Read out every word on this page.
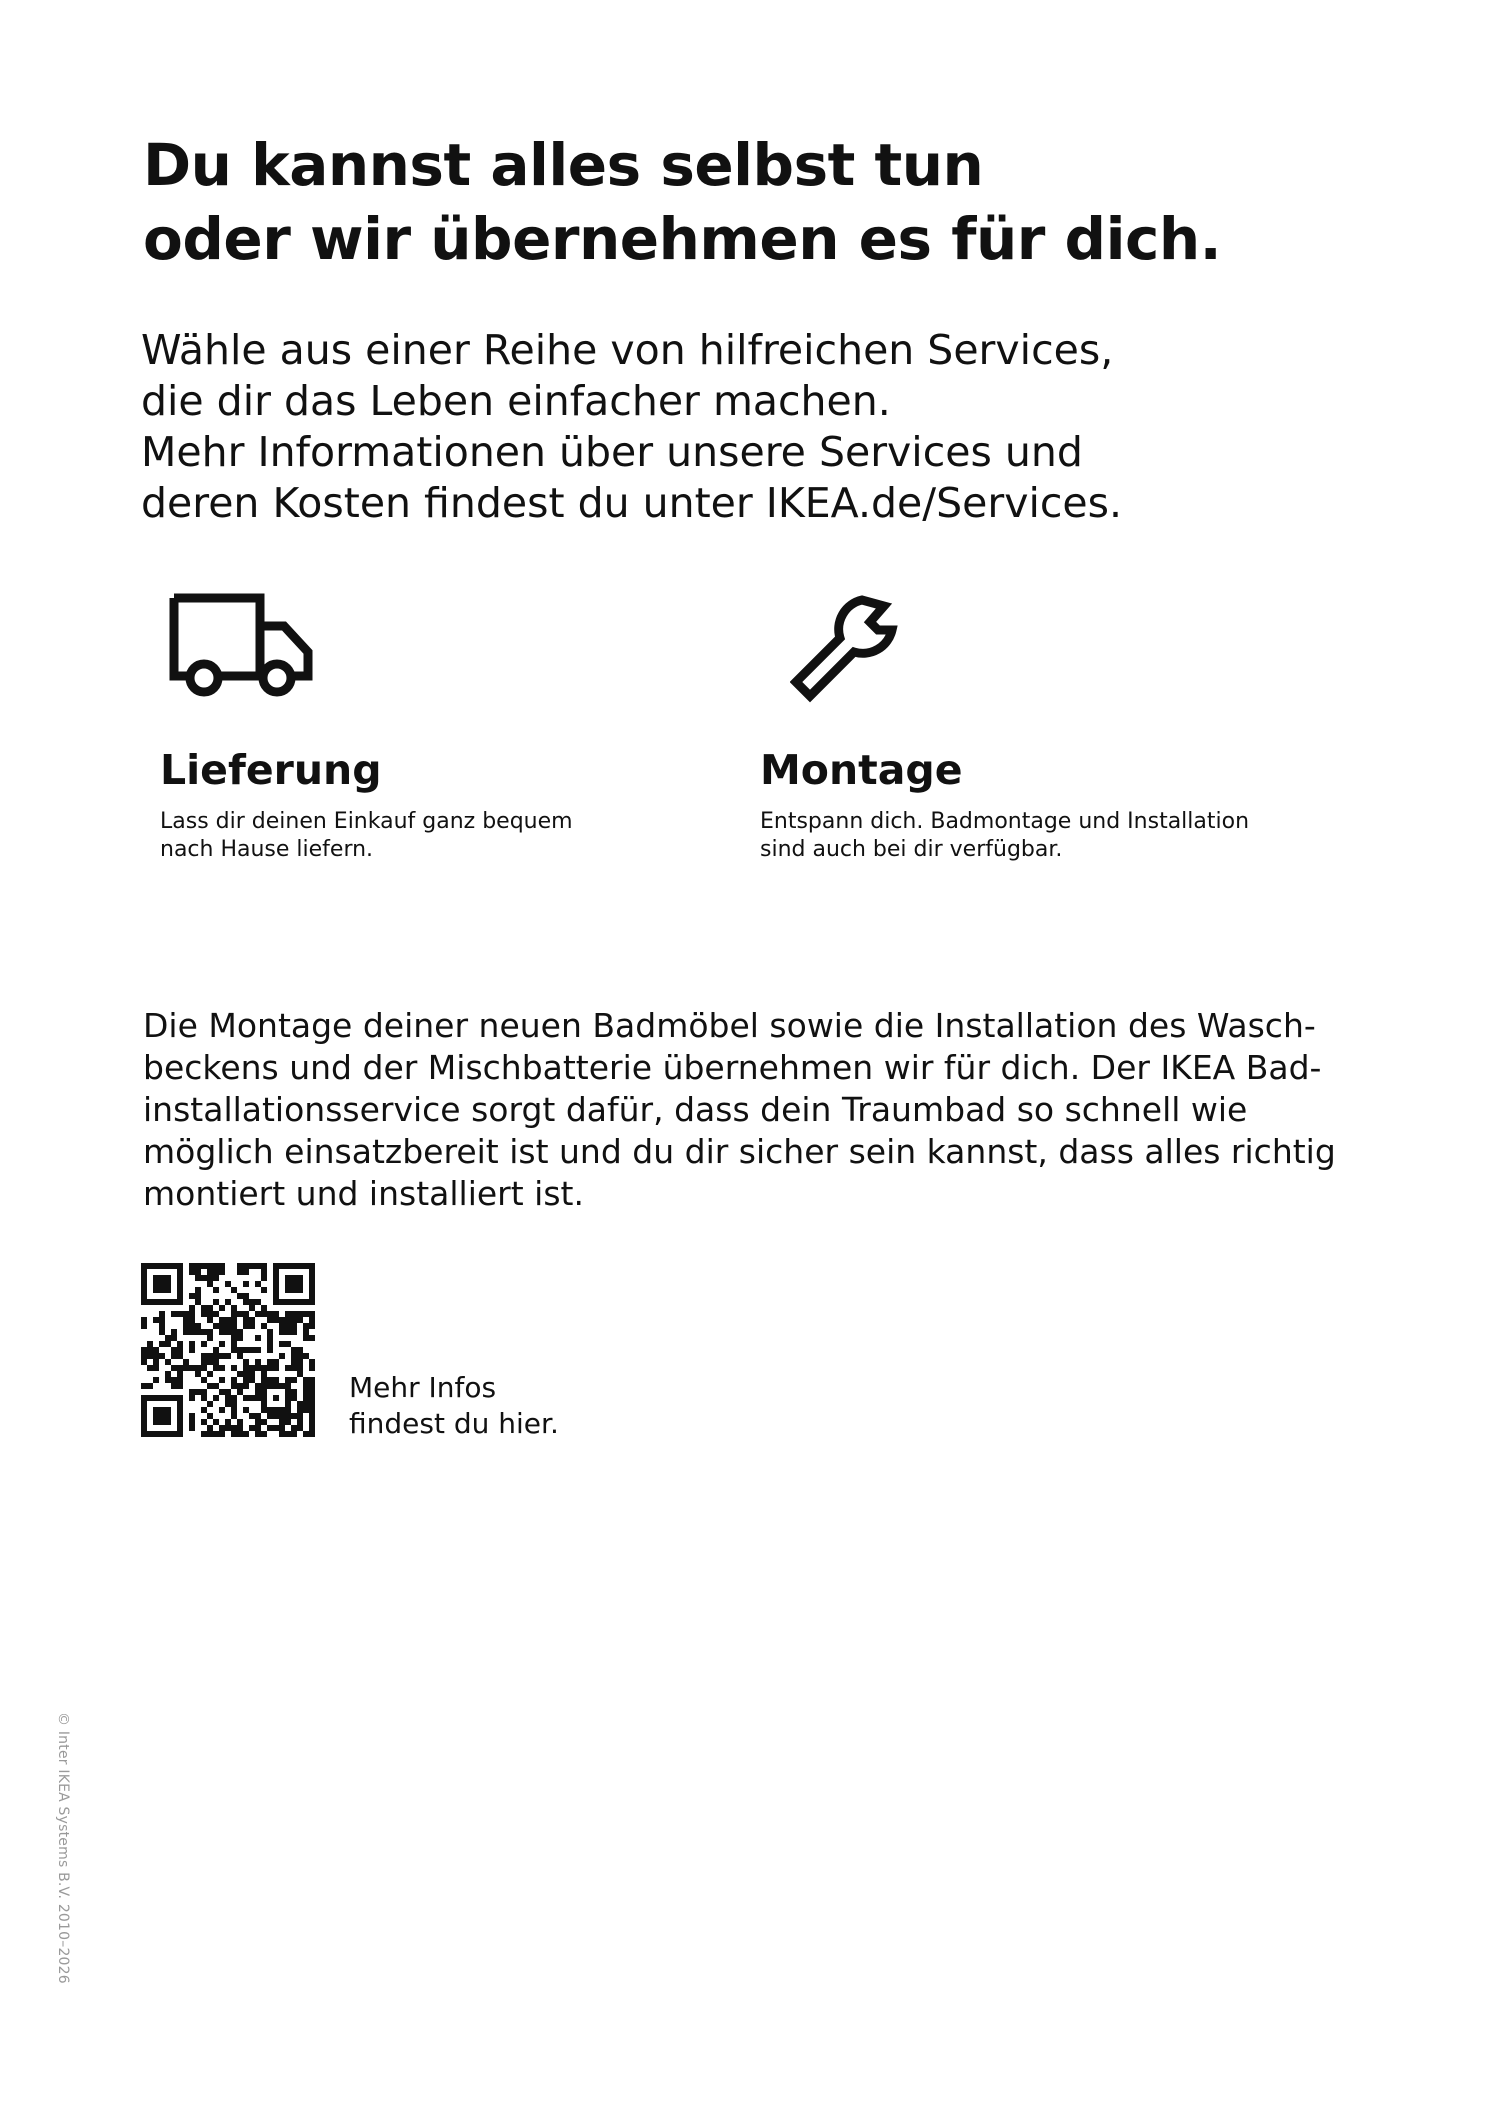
Du kannst alles selbst tun
oder wir übernehmen es für dich.

Wähle aus einer Reihe von hilfreichen Services,
die dir das Leben einfacher machen.
Mehr Informationen über unsere Services und
deren Kosten findest du unter IKEA.de/Services.

Lieferung

Lass dir deinen Einkauf ganz bequem
nach Hause liefern.

Montage

Entspann dich. Badmontage und Installation
sind auch bei dir verfügbar.

Die Montage deiner neuen Badmöbel sowie die Installation des Wasch-
beckens und der Mischbatterie übernehmen wir für dich. Der IKEA Bad-
installationsservice sorgt dafür, dass dein Traumbad so schnell wie
möglich einsatzbereit ist und du dir sicher sein kannst, dass alles richtig
montiert und installiert ist.

Mehr Infos
findest du hier.

© Inter IKEA Systems B.V. 2010–2026
